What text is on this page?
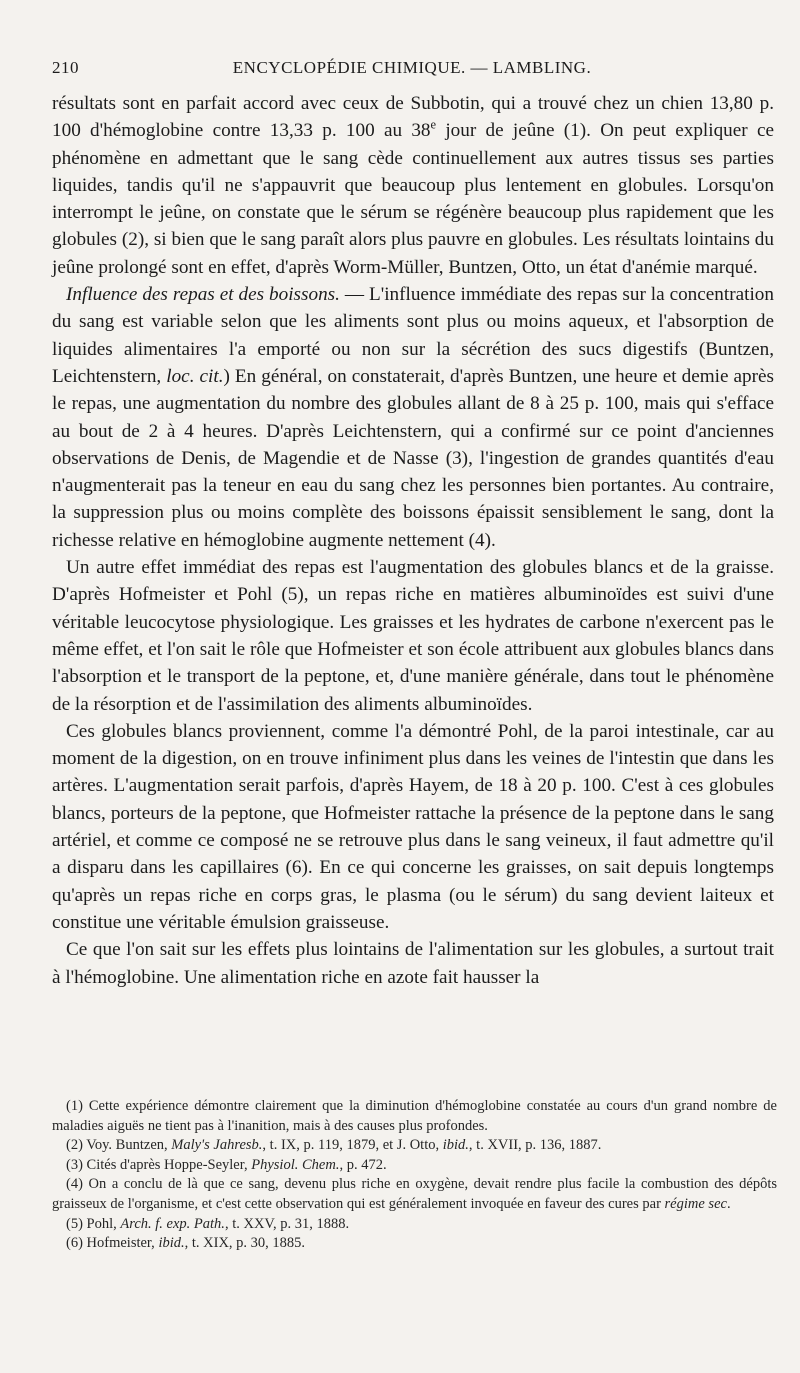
210	ENCYCLOPÉDIE CHIMIQUE. — LAMBLING.

résultats sont en parfait accord avec ceux de Subbotin, qui a trouvé chez un chien 13,80 p. 100 d'hémoglobine contre 13,33 p. 100 au 38e jour de jeûne (1). On peut expliquer ce phénomène en admettant que le sang cède continuellement aux autres tissus ses parties liquides, tandis qu'il ne s'appauvrit que beaucoup plus lentement en globules. Lorsqu'on interrompt le jeûne, on constate que le sérum se régénère beaucoup plus rapidement que les globules (2), si bien que le sang paraît alors plus pauvre en globules. Les résultats lointains du jeûne prolongé sont en effet, d'après Worm-Müller, Buntzen, Otto, un état d'anémie marqué.

Influence des repas et des boissons. — L'influence immédiate des repas sur la concentration du sang est variable selon que les aliments sont plus ou moins aqueux, et l'absorption de liquides alimentaires l'a emporté ou non sur la sécrétion des sucs digestifs (Buntzen, Leichtenstern, loc. cit.) En général, on constaterait, d'après Buntzen, une heure et demie après le repas, une augmentation du nombre des globules allant de 8 à 25 p. 100, mais qui s'efface au bout de 2 à 4 heures. D'après Leichtenstern, qui a confirmé sur ce point d'anciennes observations de Denis, de Magendie et de Nasse (3), l'ingestion de grandes quantités d'eau n'augmenterait pas la teneur en eau du sang chez les personnes bien portantes. Au contraire, la suppression plus ou moins complète des boissons épaissit sensiblement le sang, dont la richesse relative en hémoglobine augmente nettement (4).

Un autre effet immédiat des repas est l'augmentation des globules blancs et de la graisse. D'après Hofmeister et Pohl (5), un repas riche en matières albuminoïdes est suivi d'une véritable leucocytose physiologique. Les graisses et les hydrates de carbone n'exercent pas le même effet, et l'on sait le rôle que Hofmeister et son école attribuent aux globules blancs dans l'absorption et le transport de la peptone, et, d'une manière générale, dans tout le phénomène de la résorption et de l'assimilation des aliments albuminoïdes.

Ces globules blancs proviennent, comme l'a démontré Pohl, de la paroi intestinale, car au moment de la digestion, on en trouve infiniment plus dans les veines de l'intestin que dans les artères. L'augmentation serait parfois, d'après Hayem, de 18 à 20 p. 100. C'est à ces globules blancs, porteurs de la peptone, que Hofmeister rattache la présence de la peptone dans le sang artériel, et comme ce composé ne se retrouve plus dans le sang veineux, il faut admettre qu'il a disparu dans les capillaires (6). En ce qui concerne les graisses, on sait depuis longtemps qu'après un repas riche en corps gras, le plasma (ou le sérum) du sang devient laiteux et constitue une véritable émulsion graisseuse.

Ce que l'on sait sur les effets plus lointains de l'alimentation sur les globules, a surtout trait à l'hémoglobine. Une alimentation riche en azote fait hausser la

(1) Cette expérience démontre clairement que la diminution d'hémoglobine constatée au cours d'un grand nombre de maladies aiguës ne tient pas à l'inanition, mais à des causes plus profondes.

(2) Voy. Buntzen, Maly's Jahresb., t. IX, p. 119, 1879, et J. Otto, ibid., t. XVII, p. 136, 1887.

(3) Cités d'après Hoppe-Seyler, Physiol. Chem., p. 472.

(4) On a conclu de là que ce sang, devenu plus riche en oxygène, devait rendre plus facile la combustion des dépôts graisseux de l'organisme, et c'est cette observation qui est généralement invoquée en faveur des cures par régime sec.

(5) Pohl, Arch. f. exp. Path., t. XXV, p. 31, 1888.

(6) Hofmeister, ibid., t. XIX, p. 30, 1885.
